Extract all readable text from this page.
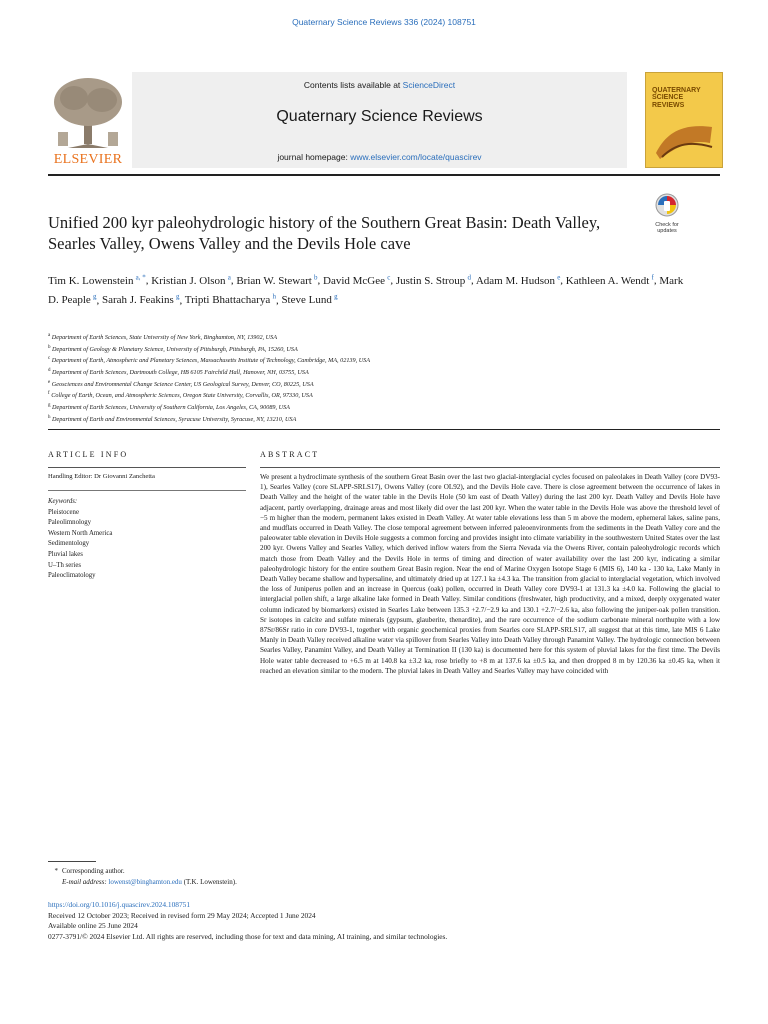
Quaternary Science Reviews 336 (2024) 108751
ELSEVIER
Contents lists available at ScienceDirect
Quaternary Science Reviews
journal homepage: www.elsevier.com/locate/quascirev
QUATERNARY SCIENCE REVIEWS
Unified 200 kyr paleohydrologic history of the Southern Great Basin: Death Valley, Searles Valley, Owens Valley and the Devils Hole cave
Check for updates
Tim K. Lowenstein  $^{a, *}$, Kristian J. Olson  $^a$, Brian W. Stewart  $^b$, David McGee  $^c$, Justin S. Stroup  $^d$, Adam M. Hudson  $^e$, Kathleen A. Wendt  $^f$, Mark D. Peaple  $^g$, Sarah J. Feakins  $^g$, Tripti Bhattacharya  $^h$, Steve Lund  $^g$
$^a$ Department of Earth Sciences, State University of New York, Binghamton, NY, 13902, USA
$^b$ Department of Geology & Planetary Science, University of Pittsburgh, Pittsburgh, PA, 15260, USA
$^c$ Department of Earth, Atmospheric and Planetary Sciences, Massachusetts Institute of Technology, Cambridge, MA, 02139, USA
$^d$ Department of Earth Sciences, Dartmouth College, HB 6105 Fairchild Hall, Hanover, NH, 03755, USA
$^e$ Geosciences and Environmental Change Science Center, US Geological Survey, Denver, CO, 80225, USA
$^f$ College of Earth, Ocean, and Atmospheric Sciences, Oregon State University, Corvallis, OR, 97330, USA
$^g$ Department of Earth Sciences, University of Southern California, Los Angeles, CA, 90089, USA
$^h$ Department of Earth and Environmental Sciences, Syracuse University, Syracuse, NY, 13210, USA
ARTICLE INFO	ABSTRACT
Handling Editor: Dr Giovanni Zanchetta
Keywords:
Pleistocene
Paleolimnology
Western North America
Sedimentology
Pluvial lakes
U–Th series
Paleoclimatology
We present a hydroclimate synthesis of the southern Great Basin over the last two glacial-interglacial cycles focused on paleolakes in Death Valley (core DV93-1), Searles Valley (core SLAPP-SRLS17), Owens Valley (core OL92), and the Devils Hole cave. There is close agreement between the occurrence of lakes in Death Valley and the height of the water table in the Devils Hole (50 km east of Death Valley) during the last 200 kyr. Death Valley and Devils Hole have adjacent, partly overlapping, drainage areas and most likely did over the last 200 kyr. When the water table in the Devils Hole was above the threshold level of −5 m higher than the modern, permanent lakes existed in Death Valley. At water table elevations less than 5 m above the modern, ephemeral lakes, saline pans, and mudflats occurred in Death Valley. The close temporal agreement between inferred paleoenvironments from the sediments in the Death Valley core and the paleowater table elevation in Devils Hole suggests a common forcing and provides insight into climate variability in the southwestern United States over the last 200 kyr. Owens Valley and Searles Valley, which derived inflow waters from the Sierra Nevada via the Owens River, contain paleohydrologic records which match those from Death Valley and the Devils Hole in terms of timing and direction of water availability over the last 200 kyr, indicating a similar paleohydrologic history for the entire southern Great Basin region. Near the end of Marine Oxygen Isotope Stage 6 (MIS 6), 140 ka - 130 ka, Lake Manly in Death Valley became shallow and hypersaline, and ultimately dried up at 127.1 ka ±4.3 ka. The transition from glacial to interglacial vegetation, which involved the loss of Juniperus pollen and an increase in Quercus (oak) pollen, occurred in Death Valley core DV93-1 at 131.3 ka ±4.0 ka. Following the glacial to interglacial pollen shift, a large alkaline lake formed in Death Valley. Similar conditions (freshwater, high productivity, and a mixed, deeply oxygenated water column indicated by biomarkers) existed in Searles Lake between 135.3 +2.7/−2.9 ka and 130.1 +2.7/−2.6 ka, also following the juniper-oak pollen transition. Sr isotopes in calcite and sulfate minerals (gypsum, glauberite, thenardite), and the rare occurrence of the sodium carbonate mineral northupite with a low 87Sr/86Sr ratio in core DV93-1, together with organic geochemical proxies from Searles core SLAPP-SRLS17, all suggest that at this time, late MIS 6 Lake Manly in Death Valley received alkaline water via spillover from Searles Valley into Death Valley through Panamint Valley. The hydrologic connection between Searles Valley, Panamint Valley, and Death Valley at Termination II (130 ka) is documented here for this system of pluvial lakes for the first time. The Devils Hole water table decreased to +6.5 m at 140.8 ka ±3.2 ka, rose briefly to +8 m at 137.6 ka ±0.5 ka, and then dropped 8 m by 120.36 ka ±0.45 ka, when it reached an elevation similar to the modern. The pluvial lakes in Death Valley and Searles Valley may have coincided with
* Corresponding author.
E-mail address: lowenst@binghamton.edu (T.K. Lowenstein).
https://doi.org/10.1016/j.quascirev.2024.108751
Received 12 October 2023; Received in revised form 29 May 2024; Accepted 1 June 2024
Available online 25 June 2024
0277-3791/© 2024 Elsevier Ltd. All rights are reserved, including those for text and data mining, AI training, and similar technologies.
